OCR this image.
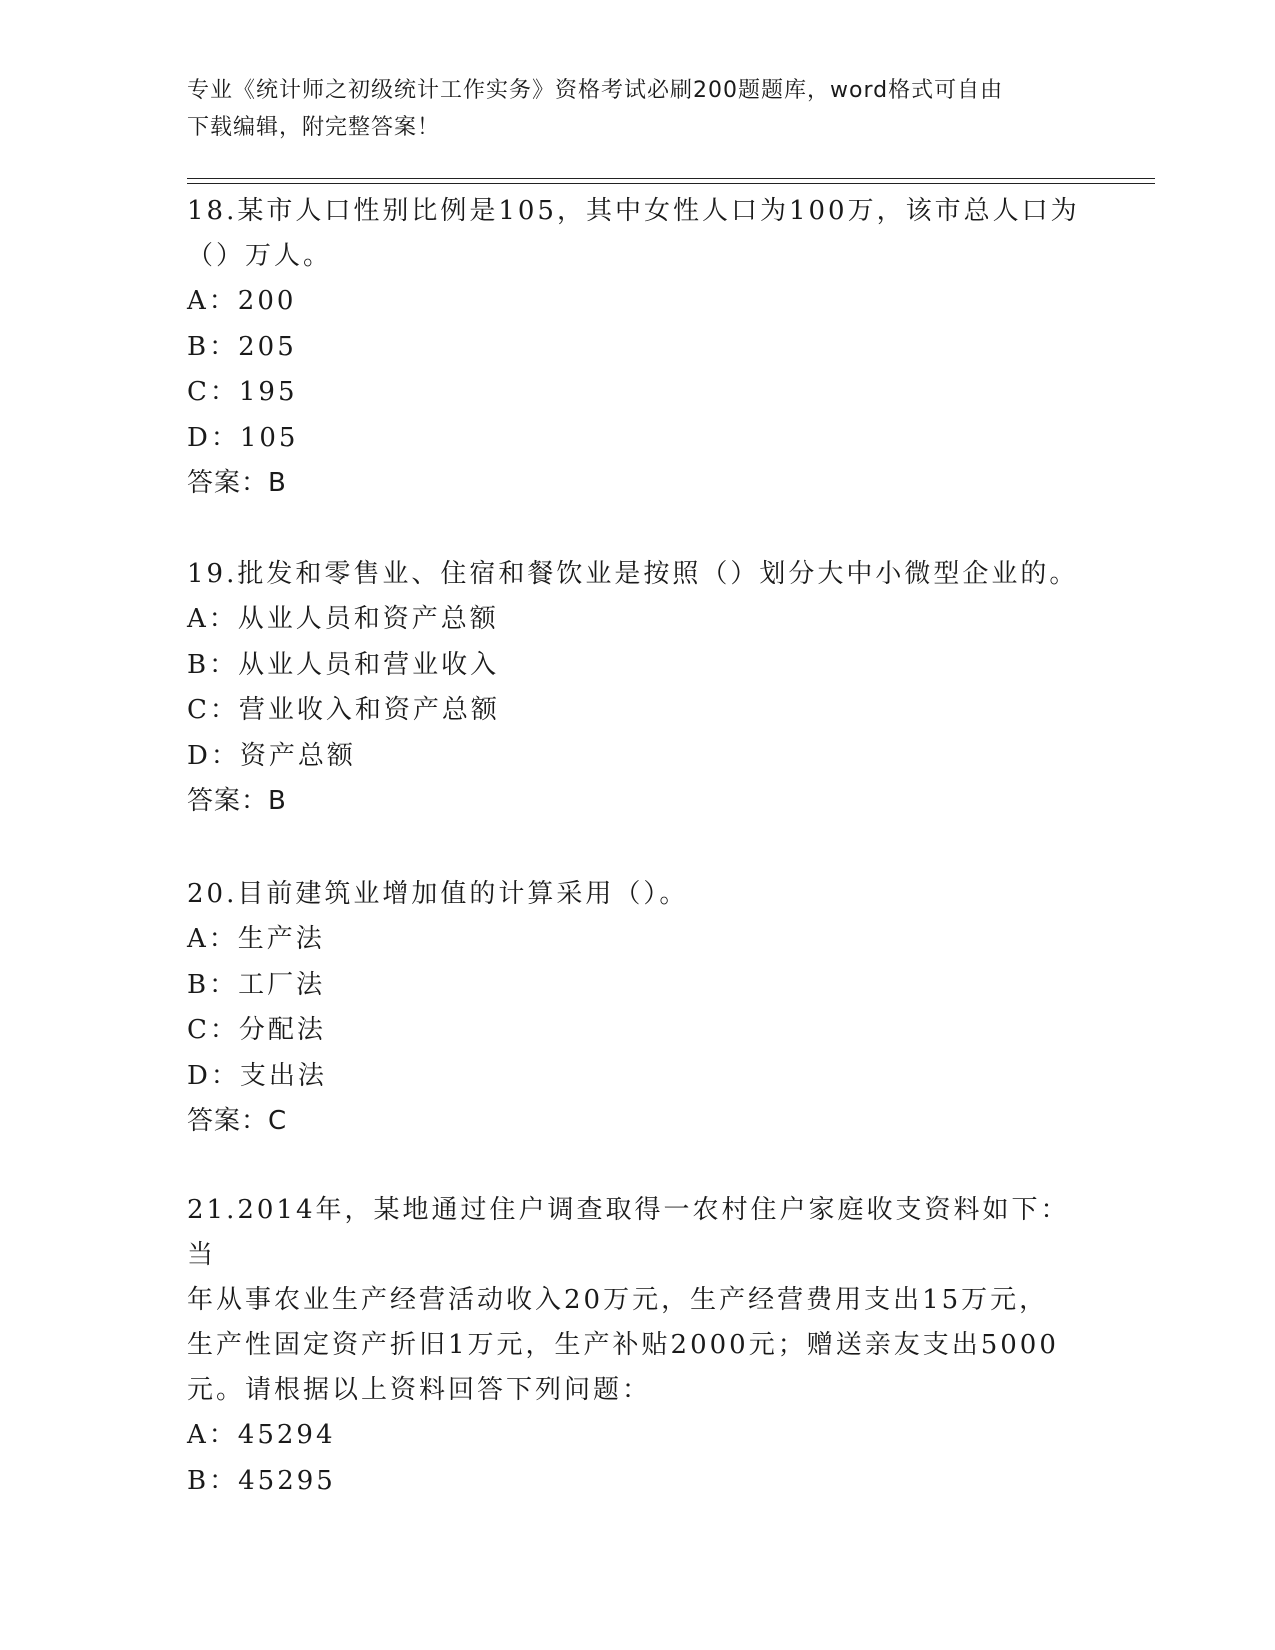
专业《统计师之初级统计工作实务》资格考试必刷200题题库，word格式可自由
下载编辑，附完整答案！

18.某市人口性别比例是105，其中女性人口为100万，该市总人口为

（）万人。

A：200

B：205

C：195

D：105

答案：B

19.批发和零售业、住宿和餐饮业是按照（）划分大中小微型企业的。

A：从业人员和资产总额

B：从业人员和营业收入

C：营业收入和资产总额

D：资产总额

答案：B

20.目前建筑业增加值的计算采用（）。

A：生产法

B：工厂法

C：分配法

D：支出法

答案：C

21.2014年，某地通过住户调查取得一农村住户家庭收支资料如下：当

年从事农业生产经营活动收入20万元，生产经营费用支出15万元，

生产性固定资产折旧1万元，生产补贴2000元；赠送亲友支出5000

元。请根据以上资料回答下列问题：

A：45294

B：45295
